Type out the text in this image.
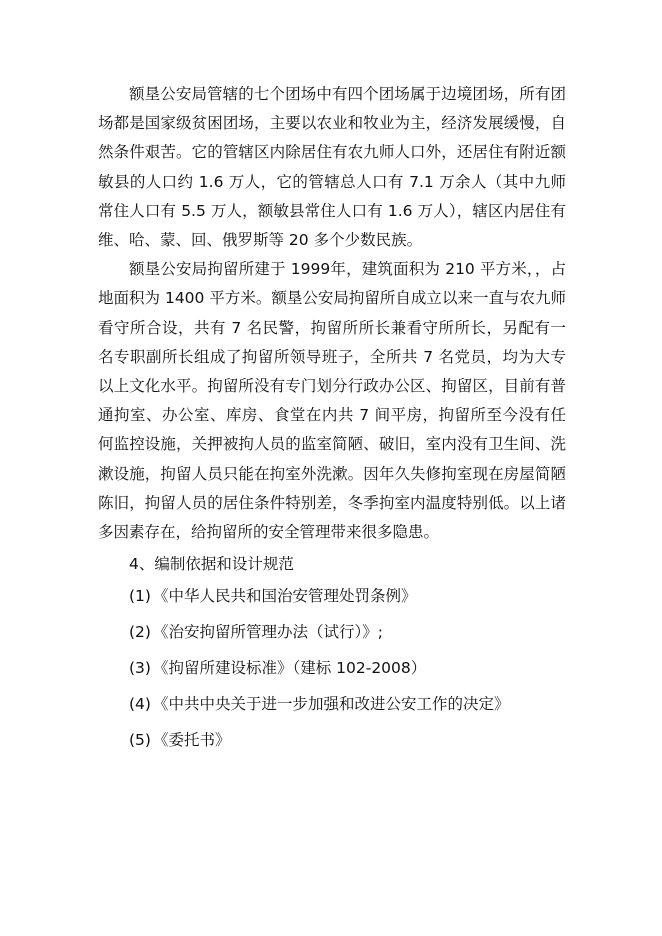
额垦公安局管辖的七个团场中有四个团场属于边境团场，所有团场都是国家级贫困团场，主要以农业和牧业为主，经济发展缓慢，自然条件艰苦。它的管辖区内除居住有农九师人口外，还居住有附近额敏县的人口约 1.6 万人，它的管辖总人口有 7.1 万余人（其中九师常住人口有 5.5 万人，额敏县常住人口有 1.6 万人），辖区内居住有维、哈、蒙、回、俄罗斯等 20 多个少数民族。

额垦公安局拘留所建于 1999年，建筑面积为 210 平方米，，占地面积为 1400 平方米。额垦公安局拘留所自成立以来一直与农九师看守所合设，共有 7 名民警，拘留所所长兼看守所所长，另配有一名专职副所长组成了拘留所领导班子，全所共 7 名党员，均为大专以上文化水平。拘留所没有专门划分行政办公区、拘留区，目前有普通拘室、办公室、库房、食堂在内共 7 间平房，拘留所至今没有任何监控设施，关押被拘人员的监室简陋、破旧，室内没有卫生间、洗漱设施，拘留人员只能在拘室外洗漱。因年久失修拘室现在房屋简陋陈旧，拘留人员的居住条件特别差，冬季拘室内温度特别低。以上诸多因素存在，给拘留所的安全管理带来很多隐患。

4、编制依据和设计规范

(1) 《中华人民共和国治安管理处罚条例》
(2) 《治安拘留所管理办法（试行）》;
(3) 《拘留所建设标准》（建标 102-2008）
(4) 《中共中央关于进一步加强和改进公安工作的决定》
(5) 《委托书》
